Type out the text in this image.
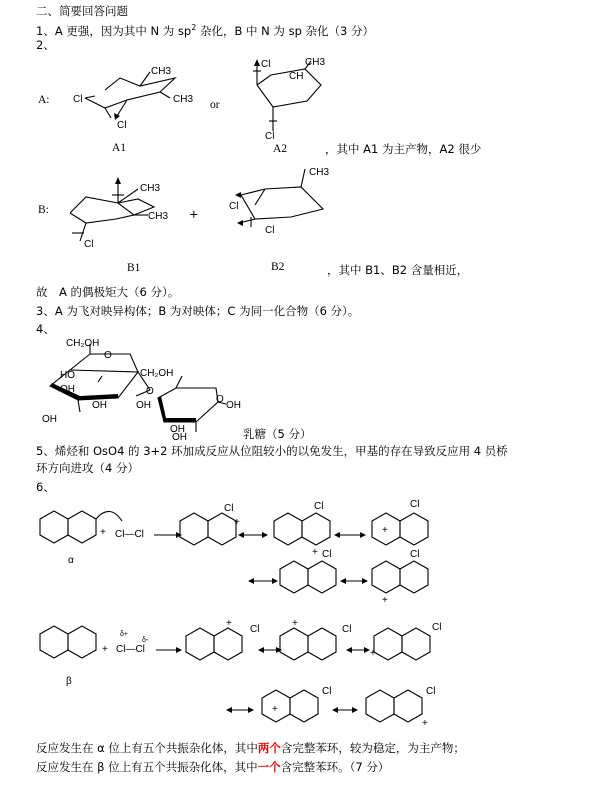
二、简要回答问题
1、A 更强，因为其中 N 为 $sp^2$ 杂化，B 中 N 为 sp 杂化（3 分）
2、
A:	or
Cl
Cl
CH3
CH3
A1
Cl
Cl
CH3
CH
A2	，其中 A1 为主产物，A2 很少
B:
Cl
CH3
CH3 +
B1
Cl
Cl
CH3
B2	，其中 B1、B2 含量相近，
故　A 的偶极矩大（6 分）。
3、A 为飞对映异构体；B 为对映体；C 为同一化合物（6 分）。
4、
CH₂OH
O
HO
OH
OH
OH
O
CH₂OH
O
OH
OH
OH
OH	乳糖（5 分）
5、烯烃和 OsO4 的 3+2 环加成反应从位阻较小的以免发生，甲基的存在导致反应用 4 员桥
环方向进攻（4 分）
6、
+ Cl—Cl
α
Cl
+
Cl
+
Cl
+
Cl	Cl
+
+
δ+
δ-
Cl—Cl
β
Cl
+
Cl
+	Cl
+
Cl
+
Cl
+
反应发生在 α 位上有五个共振杂化体，其中两个含完整苯环，较为稳定，为主产物；
反应发生在 β 位上有五个共振杂化体，其中一个含完整苯环。（7 分）
